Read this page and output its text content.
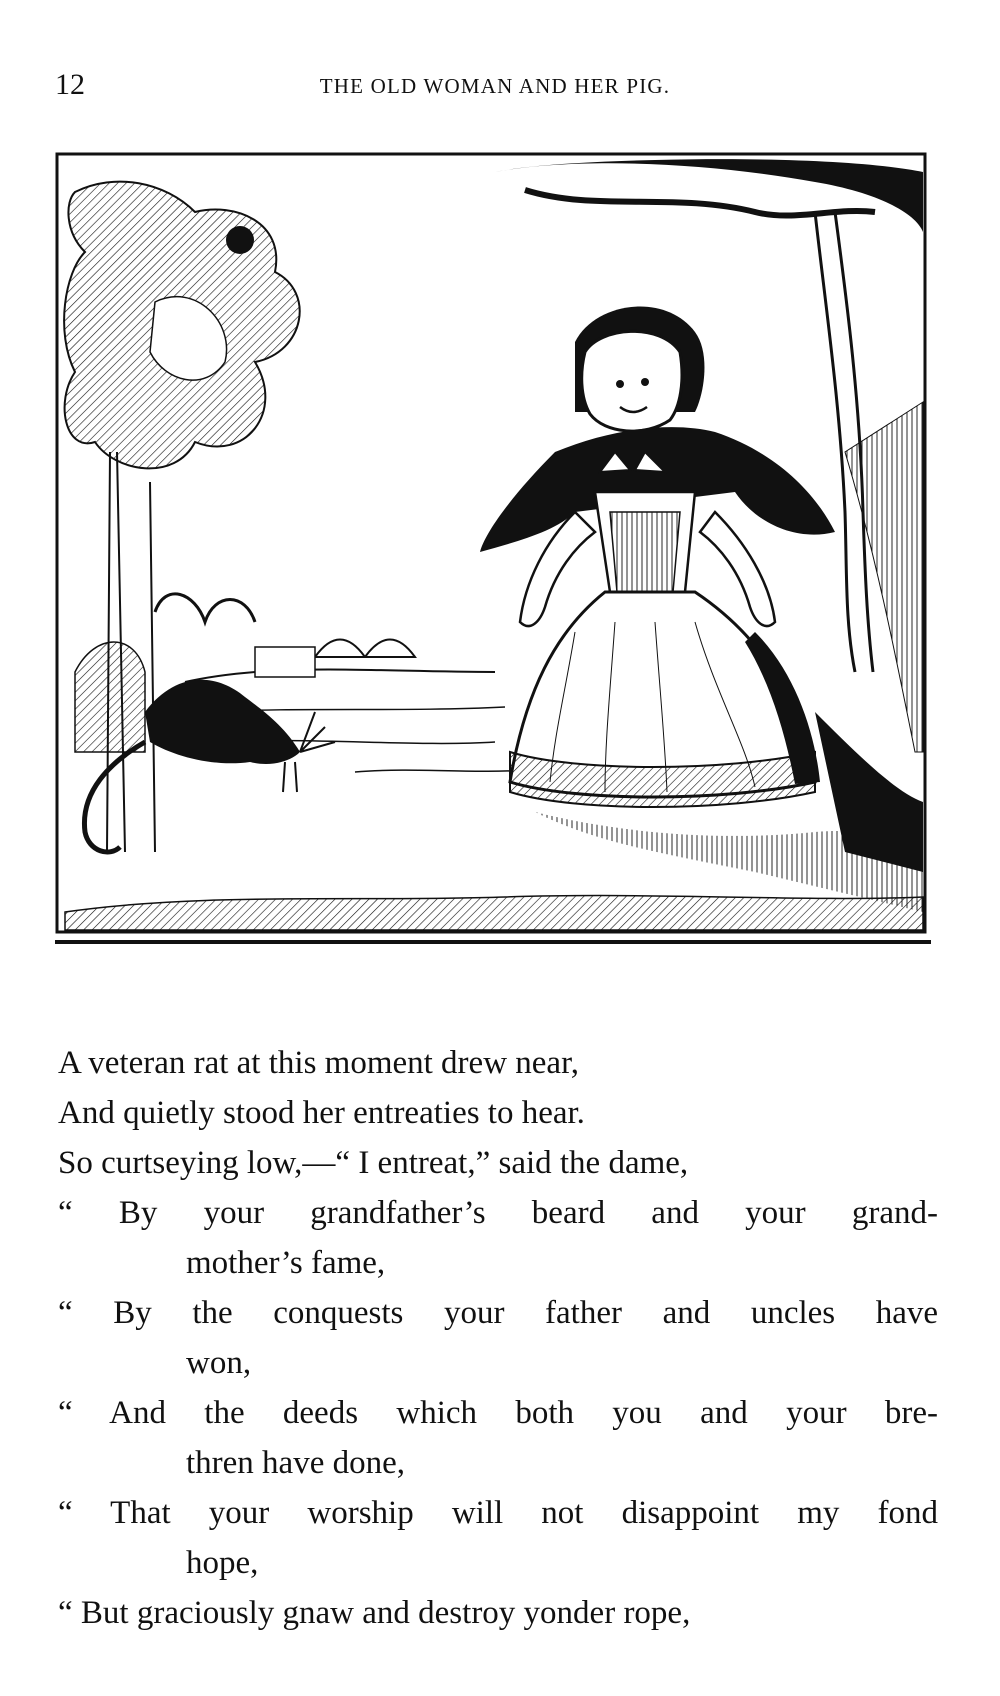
12	THE OLD WOMAN AND HER PIG.
A veteran rat at this moment drew near,
And quietly stood her entreaties to hear.
So curtseying low,—“ I entreat,” said the dame,
“ By your grandfather’s beard and your grand-
mother’s fame,
“ By the conquests your father and uncles have
won,
“ And the deeds which both you and your bre-
thren have done,
“ That your worship will not disappoint my fond
hope,
“ But graciously gnaw and destroy yonder rope,
